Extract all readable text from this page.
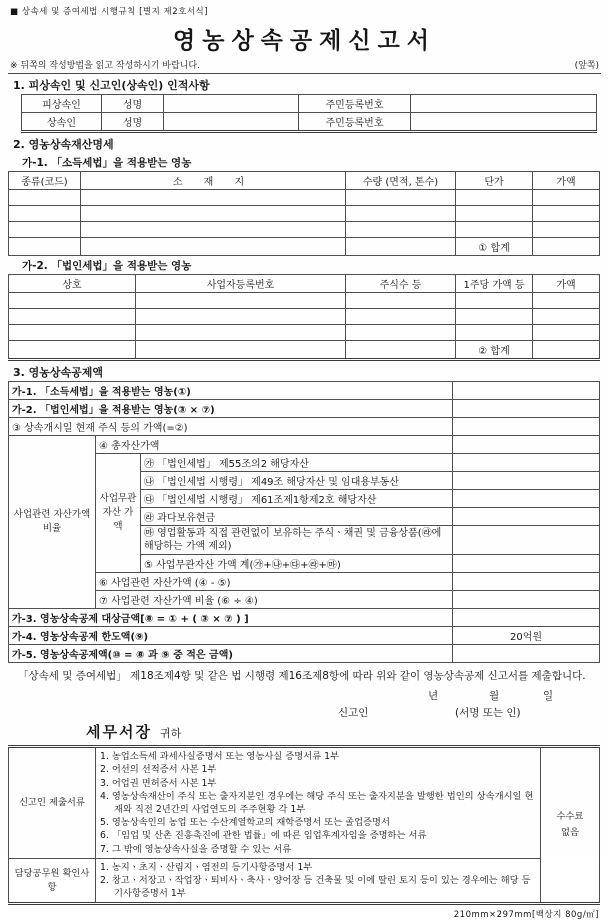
■ 상속세 및 증여세법 시행규칙 [별지 제2호서식]
영농상속공제신고서
※ 뒤쪽의 작성방법을 읽고 작성하시기 바랍니다.	(앞쪽)
1. 피상속인 및 신고인(상속인) 인적사항
피상속인	성명		주민등록번호	
상속인	성명		주민등록번호	
2. 영농상속재산명세
가-1. 「소득세법」을 적용받는 영농
종류(코드)	소 재 지	수량 (면적, 톤수)	단가	가액

			① 합계	
가-2. 「법인세법」을 적용받는 영농
상호	사업자등록번호	주식수 등	1주당 가액 등	가액

			② 합계	
3. 영농상속공제액
가-1. 「소득세법」을 적용받는 영농(①)			
가-2. 「법인세법」을 적용받는 영농(③ × ⑦)			
③ 상속개시일 현재 주식 등의 가액(=②)			
사업관련 자산가액 비율	④ 총자산가액		
	사업무관 자산 가액	㉮ 「법인세법」 제55조의2 해당자산	
		㉯ 「법인세법 시행령」 제49조 해당자산 및 임대용부동산	
		㉰ 「법인세법 시행령」 제61조제1항제2호 해당자산	
		㉱ 과다보유현금	
		㉲ 영업활동과 직접 관련없이 보유하는 주식ㆍ채권 및 금융상품(㉱에 해당하는 가액 제외)	
		⑤ 사업무관자산 가액 계(㉮+㉯+㉰+㉱+㉲)	
	⑥ 사업관련 자산가액 (④ - ⑤)		
	⑦ 사업관련 자산가액 비율 (⑥ ÷ ④)		
가-3. 영농상속공제 대상금액[⑧ = ① + ( ③ × ⑦ ) ]			
가-4. 영농상속공제 한도액(⑨)			20억원
가-5. 영농상속공제액(⑩ = ⑧ 과 ⑨ 중 적은 금액)			
「상속세 및 증여세법」 제18조제4항 및 같은 법 시행령 제16조제8항에 따라 위와 같이 영농상속공제 신고서를 제출합니다.
년	월	일
신고인	(서명 또는 인)
세무서장 귀하
신고인 제출서류	
1. 농업소득세 과세사실증명서 또는 영농사실 증명서류 1부
2. 어선의 선적증서 사본 1부
3. 어업권 면허증서 사본 1부
4. 영농상속재산이 주식 또는 출자지분인 경우에는 해당 주식 또는 출자지분을 발행한 법인의 상속개시일 현재와 직전 2년간의 사업연도의 주주현황 각 1부
5. 영농상속인의 농업 또는 수산계열학교의 재학증명서 또는 졸업증명서
6. 「임업 및 산촌 진흥촉진에 관한 법률」에 따른 임업후계자임을 증명하는 서류
7. 그 밖에 영농상속사실을 증명할 수 있는 서류

수수료
없음

담당공무원 확인사항	1. 농지ㆍ초지ㆍ산림지ㆍ염전의 등기사항증명서 1부
2. 창고ㆍ저장고ㆍ작업장ㆍ퇴비사ㆍ축사ㆍ양어장 등 건축물 및 이에 딸린 토지 등이 있는 경우에는 해당 등기사항증명서 1부	
210mm×297mm[백상지 80g/㎡]
